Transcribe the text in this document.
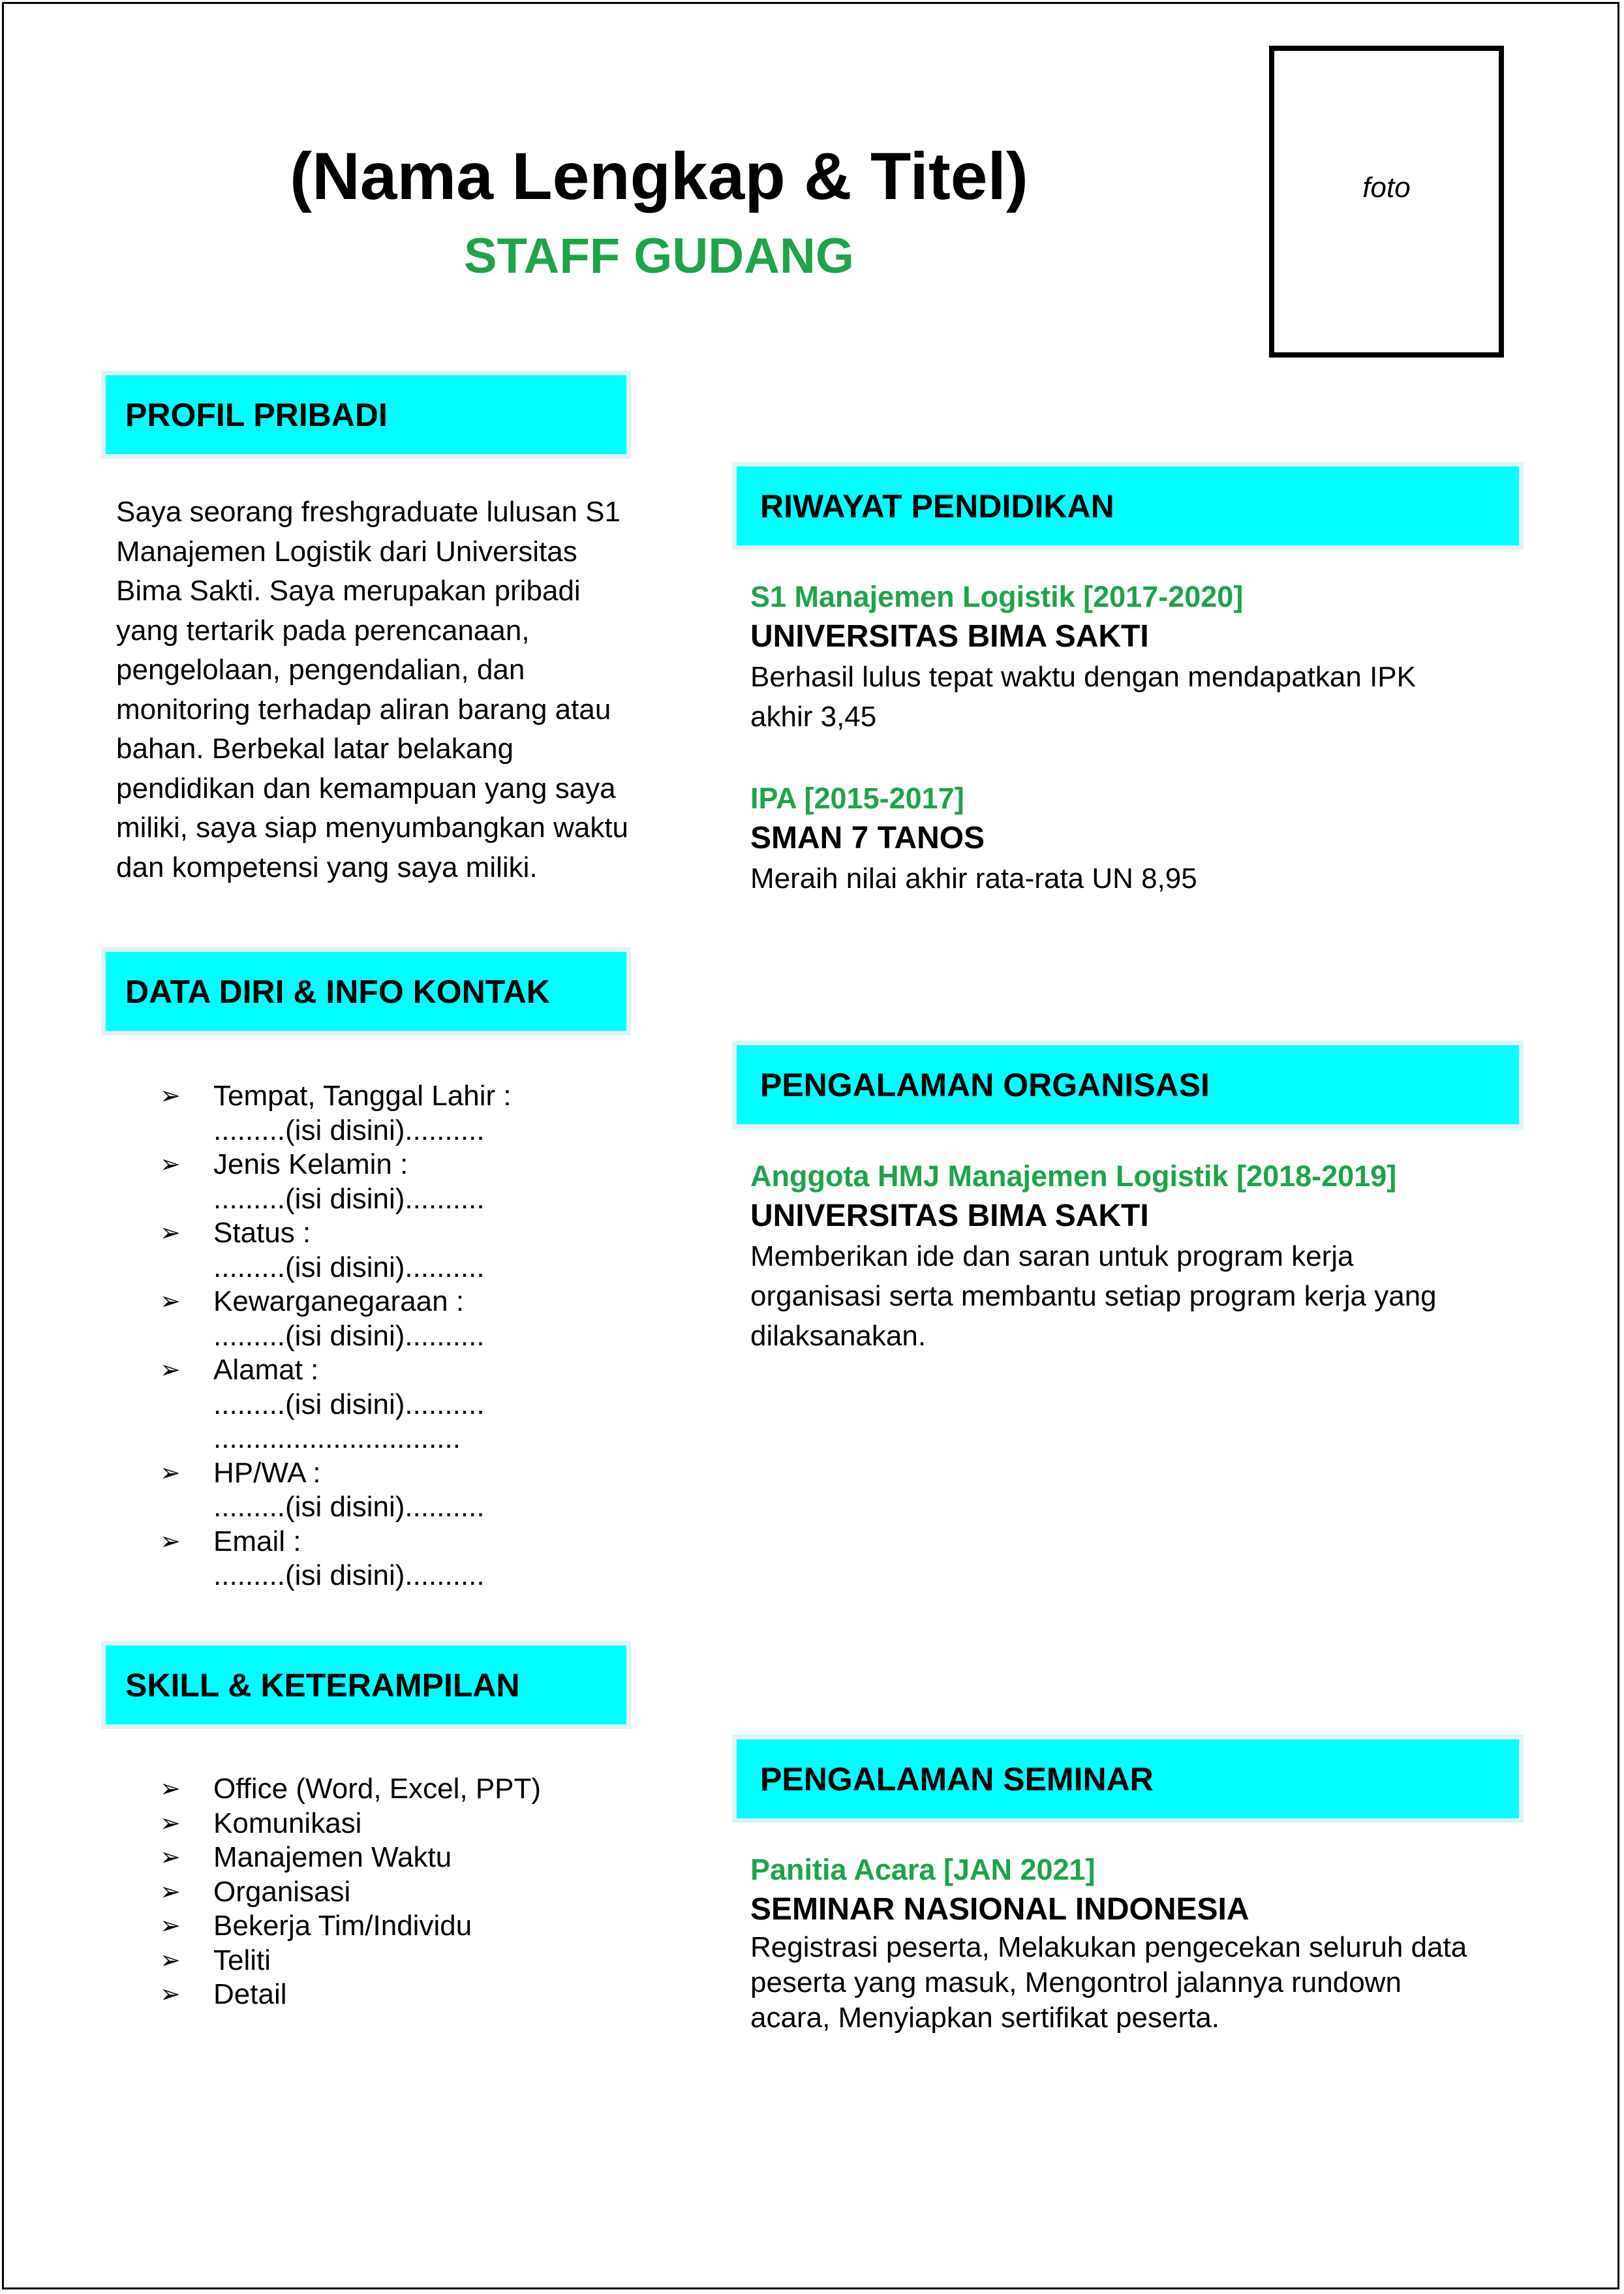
(Nama Lengkap & Titel)
STAFF GUDANG
foto
PROFIL PRIBADI
Saya seorang freshgraduate lulusan S1
Manajemen Logistik dari Universitas
Bima Sakti. Saya merupakan pribadi
yang tertarik pada perencanaan,
pengelolaan, pengendalian, dan
monitoring terhadap aliran barang atau
bahan. Berbekal latar belakang
pendidikan dan kemampuan yang saya
miliki, saya siap menyumbangkan waktu
dan kompetensi yang saya miliki.
DATA DIRI & INFO KONTAK
➢	Tempat, Tanggal Lahir :
.........(isi disini)..........
➢	Jenis Kelamin :
.........(isi disini)..........
➢	Status :
.........(isi disini)..........
➢	Kewarganegaraan :
.........(isi disini)..........
➢	Alamat :
.........(isi disini)..........
...............................
➢	HP/WA :
.........(isi disini)..........
➢	Email :
.........(isi disini)..........
SKILL & KETERAMPILAN
➢	Office (Word, Excel, PPT)
➢	Komunikasi
➢	Manajemen Waktu
➢	Organisasi
➢	Bekerja Tim/Individu
➢	Teliti
➢	Detail
RIWAYAT PENDIDIKAN
S1 Manajemen Logistik [2017-2020]
UNIVERSITAS BIMA SAKTI
Berhasil lulus tepat waktu dengan mendapatkan IPK
akhir 3,45
IPA [2015-2017]
SMAN 7 TANOS
Meraih nilai akhir rata-rata UN 8,95
PENGALAMAN ORGANISASI
Anggota HMJ Manajemen Logistik [2018-2019]
UNIVERSITAS BIMA SAKTI
Memberikan ide dan saran untuk program kerja
organisasi serta membantu setiap program kerja yang
dilaksanakan.
PENGALAMAN SEMINAR
Panitia Acara [JAN 2021]
SEMINAR NASIONAL INDONESIA
Registrasi peserta, Melakukan pengecekan seluruh data
peserta yang masuk, Mengontrol jalannya rundown
acara, Menyiapkan sertifikat peserta.
